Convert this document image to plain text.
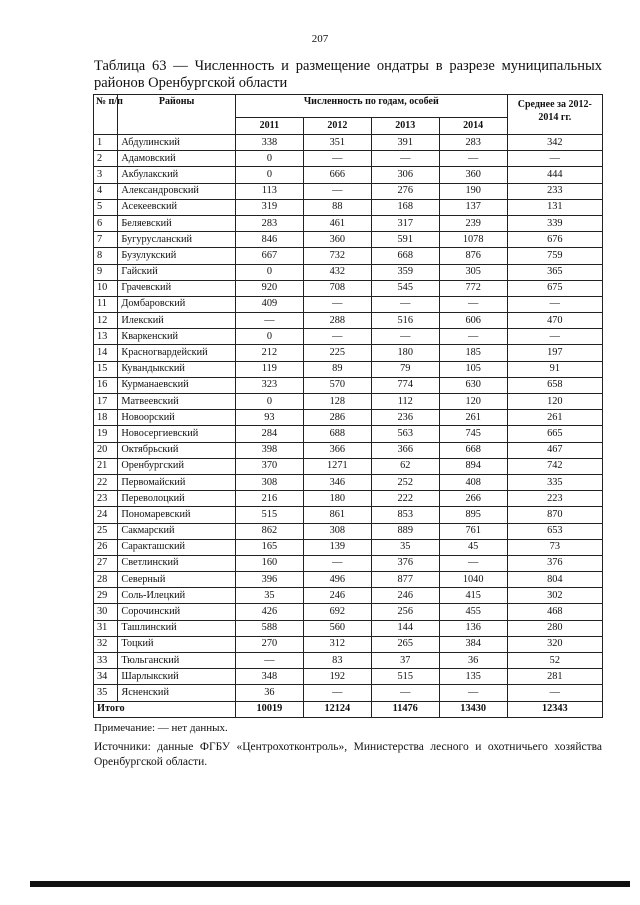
207
Таблица 63 — Численность и размещение ондатры в разрезе муниципальных районов Оренбургской области
№ п/п	Районы	Численность по годам, особей				Среднее за 2012-2014 гг.
		2011	2012	2013	2014	
1	Абдулинский	338	351	391	283	342
2	Адамовский	0	—	—	—	—
3	Акбулакский	0	666	306	360	444
4	Александровский	113	—	276	190	233
5	Асекеевский	319	88	168	137	131
6	Беляевский	283	461	317	239	339
7	Бугурусланский	846	360	591	1078	676
8	Бузулукский	667	732	668	876	759
9	Гайский	0	432	359	305	365
10	Грачевский	920	708	545	772	675
11	Домбаровский	409	—	—	—	—
12	Илекский	—	288	516	606	470
13	Кваркенский	0	—	—	—	—
14	Красногвардейский	212	225	180	185	197
15	Кувандыкский	119	89	79	105	91
16	Курманаевский	323	570	774	630	658
17	Матвеевский	0	128	112	120	120
18	Новоорский	93	286	236	261	261
19	Новосергиевский	284	688	563	745	665
20	Октябрьский	398	366	366	668	467
21	Оренбургский	370	1271	62	894	742
22	Первомайский	308	346	252	408	335
23	Переволоцкий	216	180	222	266	223
24	Пономаревский	515	861	853	895	870
25	Сакмарский	862	308	889	761	653
26	Саракташский	165	139	35	45	73
27	Светлинский	160	—	376	—	376
28	Северный	396	496	877	1040	804
29	Соль-Илецкий	35	246	246	415	302
30	Сорочинский	426	692	256	455	468
31	Ташлинский	588	560	144	136	280
32	Тоцкий	270	312	265	384	320
33	Тюльганский	—	83	37	36	52
34	Шарлыкский	348	192	515	135	281
35	Ясненский	36	—	—	—	—
Итого		10019	12124	11476	13430	12343
Примечание: — нет данных.
Источники: данные ФГБУ «Центрохотконтроль», Министерства лесного и охотничьего хозяйства Оренбургской области.
